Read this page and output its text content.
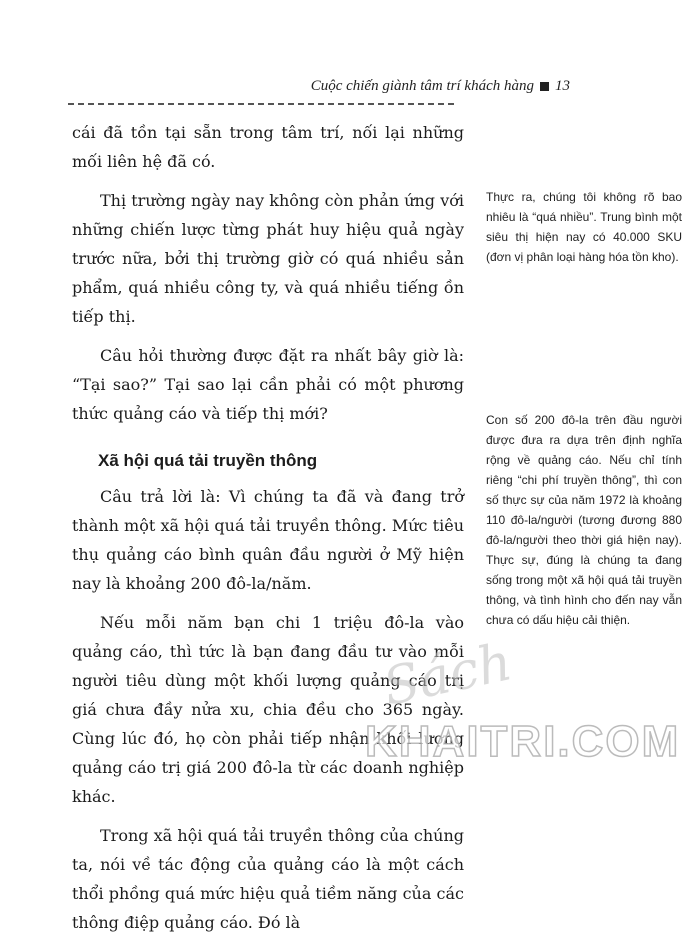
Cuộc chiến giành tâm trí khách hàng 13

cái đã tồn tại sẵn trong tâm trí, nối lại những mối liên hệ đã có.

Thị trường ngày nay không còn phản ứng với những chiến lược từng phát huy hiệu quả ngày trước nữa, bởi thị trường giờ có quá nhiều sản phẩm, quá nhiều công ty, và quá nhiều tiếng ồn tiếp thị.

Câu hỏi thường được đặt ra nhất bây giờ là: “Tại sao?” Tại sao lại cần phải có một phương thức quảng cáo và tiếp thị mới?

Xã hội quá tải truyền thông

Câu trả lời là: Vì chúng ta đã và đang trở thành một xã hội quá tải truyền thông. Mức tiêu thụ quảng cáo bình quân đầu người ở Mỹ hiện nay là khoảng 200 đô-la/năm.

Nếu mỗi năm bạn chi 1 triệu đô-la vào quảng cáo, thì tức là bạn đang đầu tư vào mỗi người tiêu dùng một khối lượng quảng cáo trị giá chưa đầy nửa xu, chia đều cho 365 ngày. Cùng lúc đó, họ còn phải tiếp nhận khối lượng quảng cáo trị giá 200 đô-la từ các doanh nghiệp khác.

Trong xã hội quá tải truyền thông của chúng ta, nói về tác động của quảng cáo là một cách thổi phồng quá mức hiệu quả tiềm năng của các thông điệp quảng cáo. Đó là

Thực ra, chúng tôi không rõ bao nhiêu là “quá nhiều”. Trung bình một siêu thị hiện nay có 40.000 SKU (đơn vị phân loại hàng hóa tồn kho).
Con số 200 đô-la trên đầu người được đưa ra dựa trên định nghĩa rộng về quảng cáo. Nếu chỉ tính riêng “chi phí truyền thông”, thì con số thực sự của năm 1972 là khoảng 110 đô-la/người (tương đương 880 đô-la/người theo thời giá hiện nay). Thực sự, đúng là chúng ta đang sống trong một xã hội quá tải truyền thông, và tình hình cho đến nay vẫn chưa có dấu hiệu cải thiện.
Sách
KHAITRI.COM
